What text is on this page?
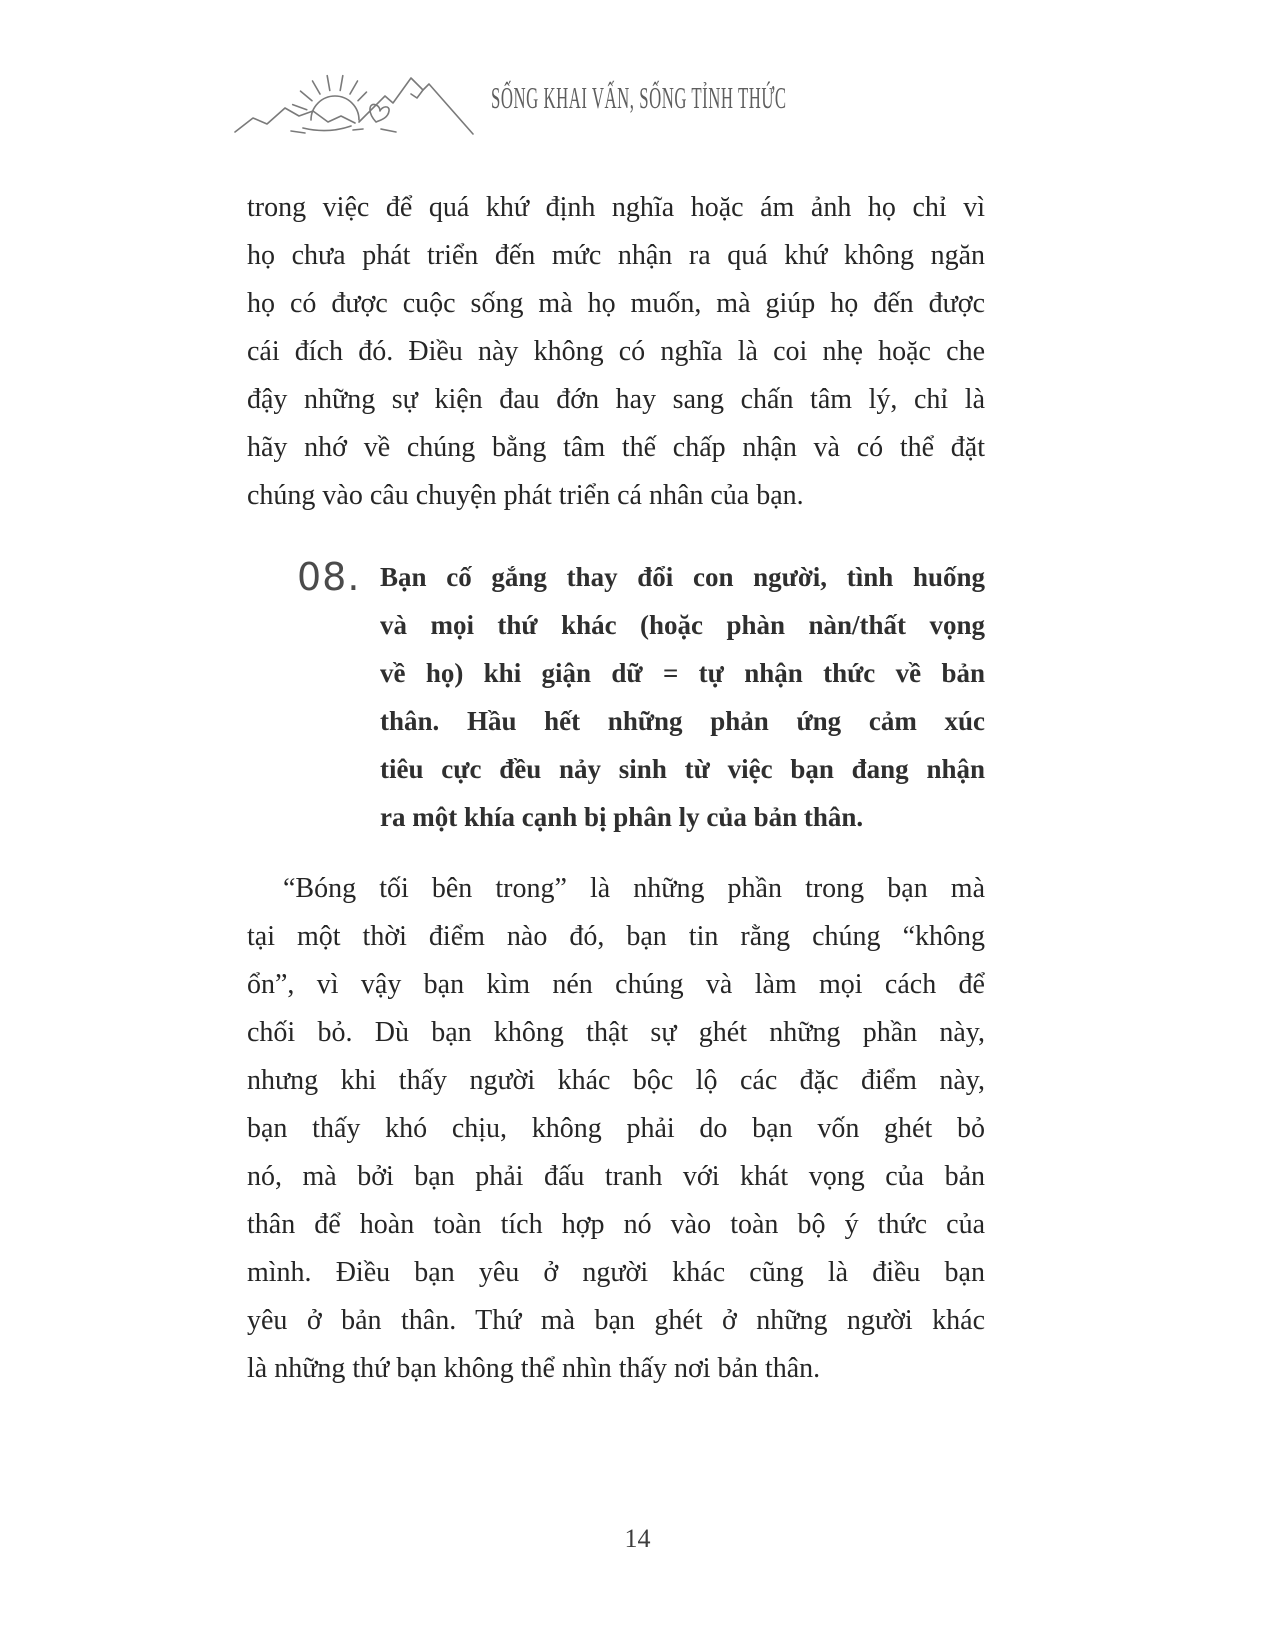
SỐNG KHAI VẤN, SỐNG TỈNH THỨC
trong việc để quá khứ định nghĩa hoặc ám ảnh họ chỉ vì
họ chưa phát triển đến mức nhận ra quá khứ không ngăn
họ có được cuộc sống mà họ muốn, mà giúp họ đến được
cái đích đó. Điều này không có nghĩa là coi nhẹ hoặc che
đậy những sự kiện đau đớn hay sang chấn tâm lý, chỉ là
hãy nhớ về chúng bằng tâm thế chấp nhận và có thể đặt
chúng vào câu chuyện phát triển cá nhân của bạn.
08. Bạn cố gắng thay đổi con người, tình huống
và mọi thứ khác (hoặc phàn nàn/thất vọng
về họ) khi giận dữ = tự nhận thức về bản
thân. Hầu hết những phản ứng cảm xúc
tiêu cực đều nảy sinh từ việc bạn đang nhận
ra một khía cạnh bị phân ly của bản thân.
“Bóng tối bên trong” là những phần trong bạn mà
tại một thời điểm nào đó, bạn tin rằng chúng “không
ổn”, vì vậy bạn kìm nén chúng và làm mọi cách để
chối bỏ. Dù bạn không thật sự ghét những phần này,
nhưng khi thấy người khác bộc lộ các đặc điểm này,
bạn thấy khó chịu, không phải do bạn vốn ghét bỏ
nó, mà bởi bạn phải đấu tranh với khát vọng của bản
thân để hoàn toàn tích hợp nó vào toàn bộ ý thức của
mình. Điều bạn yêu ở người khác cũng là điều bạn
yêu ở bản thân. Thứ mà bạn ghét ở những người khác
là những thứ bạn không thể nhìn thấy nơi bản thân.
14
